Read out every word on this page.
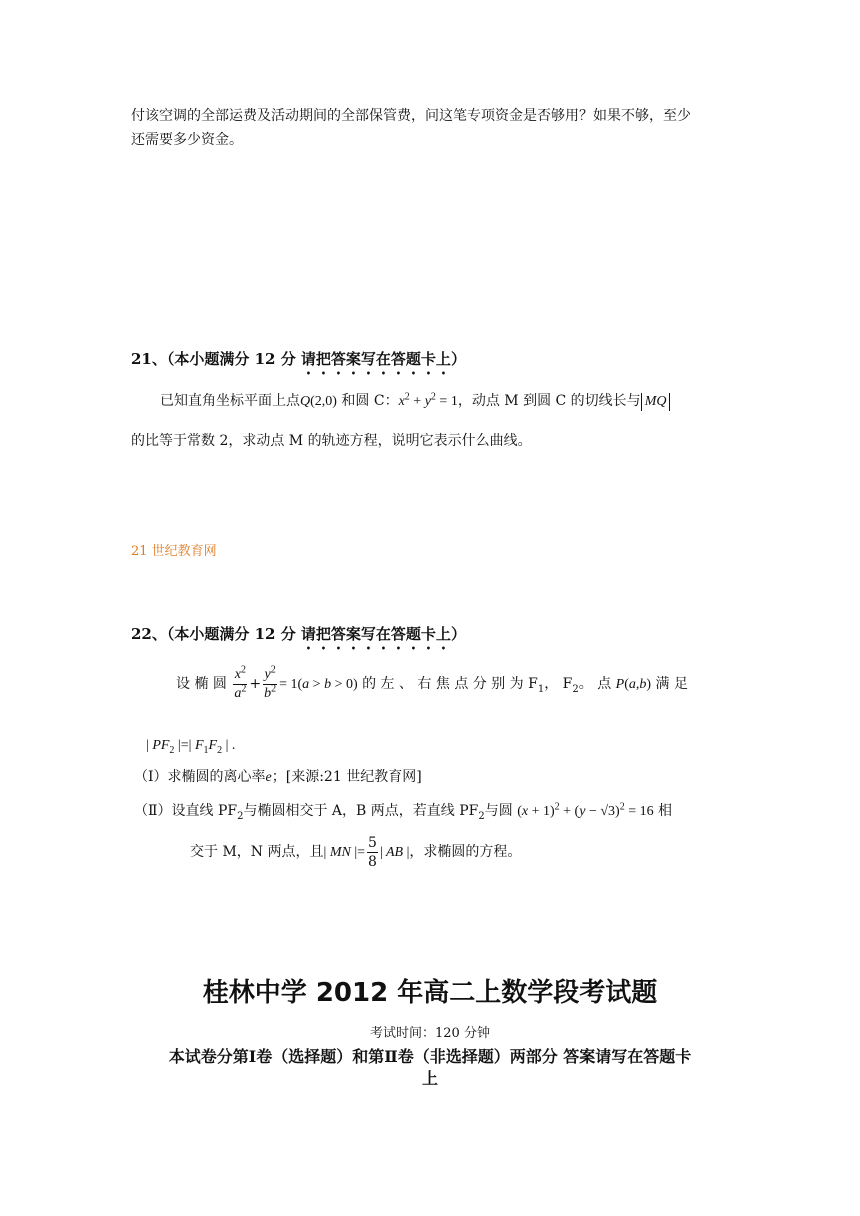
付该空调的全部运费及活动期间的全部保管费，问这笔专项资金是否够用？如果不够，至少
还需要多少资金。
21、（本小题满分 12 分 请把答案写在答题卡上）
已知直角坐标平面上点Q(2,0) 和圆 C：$x^2 + y^2 = 1$，动点 M 到圆 C 的切线长与 MQ
的比等于常数 2，求动点 M 的轨迹方程，说明它表示什么曲线。
21 世纪教育网
22、（本小题满分 12 分 请把答案写在答题卡上）
设 椭 圆 $\frac{x^2}{a^2} + \frac{y^2}{b^2} = 1(a > b > 0)$ 的 左 、 右 焦 点 分 别 为 $F_1$， $F_2$。 点 P(a,b) 满 足
| $PF_2$ |=| $F_1F_2$ | .
（Ⅰ）求椭圆的离心率e；[来源:21 世纪教育网]
（Ⅱ）设直线 $PF_2$与椭圆相交于 A，B 两点，若直线 $PF_2$与圆 $(x + 1)^2 + (y - √3)^2 = 16$ 相
交于 M，N 两点，且| MN |= $\frac{5}{8}$ | AB |，求椭圆的方程。
桂林中学 2012 年高二上数学段考试题
考试时间：120 分钟
本试卷分第Ⅰ卷（选择题）和第Ⅱ卷（非选择题）两部分 答案请写在答题卡
上
